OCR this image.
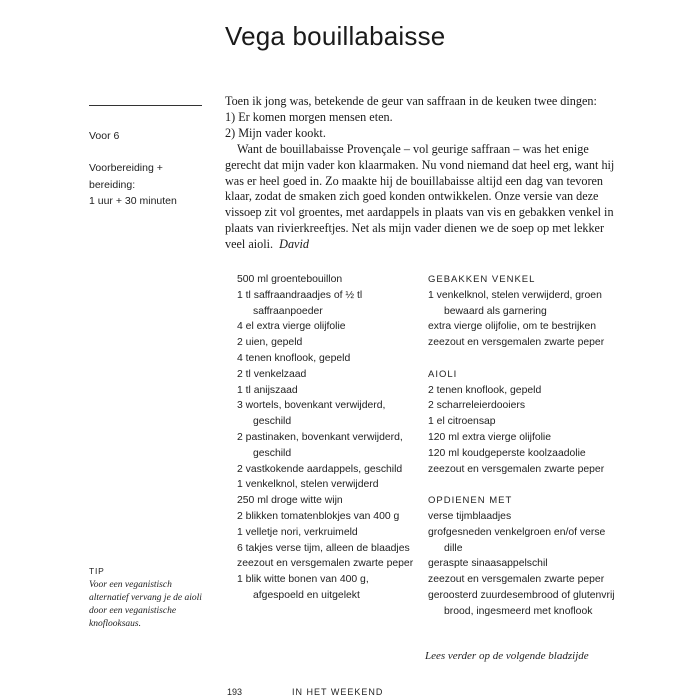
Vega bouillabaisse
Voor 6
Voorbereiding + bereiding:
1 uur + 30 minuten
TIP
Voor een veganistisch alternatief vervang je de aioli door een veganistische knoflooksaus.

Toen ik jong was, betekende de geur van saffraan in de keuken twee dingen:

1) Er komen morgen mensen eten.

2) Mijn vader kookt.

Want de bouillabaisse Provençale – vol geurige saffraan – was het enige gerecht dat mijn vader kon klaarmaken. Nu vond niemand dat heel erg, want hij was er heel goed in. Zo maakte hij de bouillabaisse altijd een dag van tevoren klaar, zodat de smaken zich goed konden ontwikkelen. Onze versie van deze vissoep zit vol groentes, met aardappels in plaats van vis en gebakken venkel in plaats van rivierkreeftjes. Net als mijn vader dienen we de soep op met lekker veel aioli. David

500 ml groentebouillon
1 tl saffraandraadjes of ½ tl saffraanpoeder
4 el extra vierge olijfolie
2 uien, gepeld
4 tenen knoflook, gepeld
2 tl venkelzaad
1 tl anijszaad
3 wortels, bovenkant verwijderd, geschild
2 pastinaken, bovenkant verwijderd, geschild
2 vastkokende aardappels, geschild
1 venkelknol, stelen verwijderd
250 ml droge witte wijn
2 blikken tomatenblokjes van 400 g
1 velletje nori, verkruimeld
6 takjes verse tijm, alleen de blaadjes
zeezout en versgemalen zwarte peper
1 blik witte bonen van 400 g, afgespoeld en uitgelekt
GEBAKKEN VENKEL
1 venkelknol, stelen verwijderd, groen bewaard als garnering
extra vierge olijfolie, om te bestrijken
zeezout en versgemalen zwarte peper
AIOLI
2 tenen knoflook, gepeld
2 scharreleierdooiers
1 el citroensap
120 ml extra vierge olijfolie
120 ml koudgeperste koolzaadolie
zeezout en versgemalen zwarte peper
OPDIENEN MET
verse tijmblaadjes
grofgesneden venkelgroen en/of verse dille
geraspte sinaasappelschil
zeezout en versgemalen zwarte peper
geroosterd zuurdesembrood of glutenvrij brood, ingesmeerd met knoflook
Lees verder op de volgende bladzijde
193	IN HET WEEKEND
